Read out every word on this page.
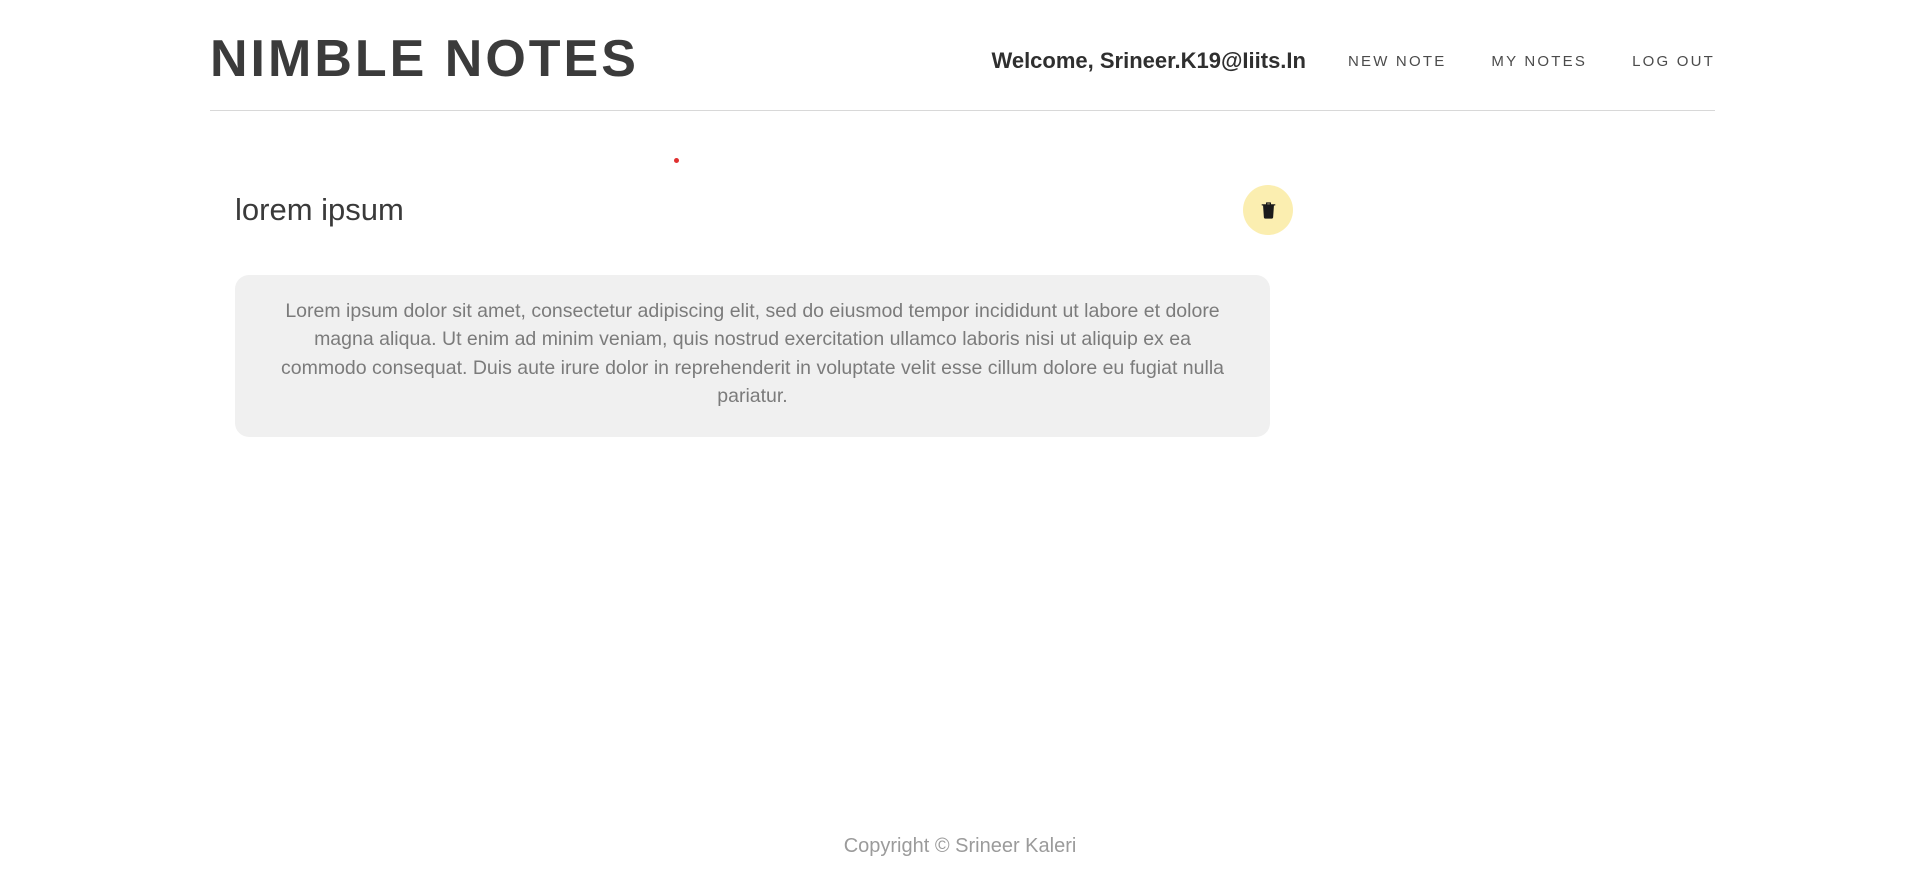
NIMBLE NOTES	Welcome, Srineer.K19@Iiits.In	NEW NOTE	MY NOTES	LOG OUT
lorem ipsum

Lorem ipsum dolor sit amet, consectetur adipiscing elit, sed do eiusmod tempor incididunt ut labore et dolore magna aliqua. Ut enim ad minim veniam, quis nostrud exercitation ullamco laboris nisi ut aliquip ex ea commodo consequat. Duis aute irure dolor in reprehenderit in voluptate velit esse cillum dolore eu fugiat nulla pariatur.

Copyright © Srineer Kaleri
